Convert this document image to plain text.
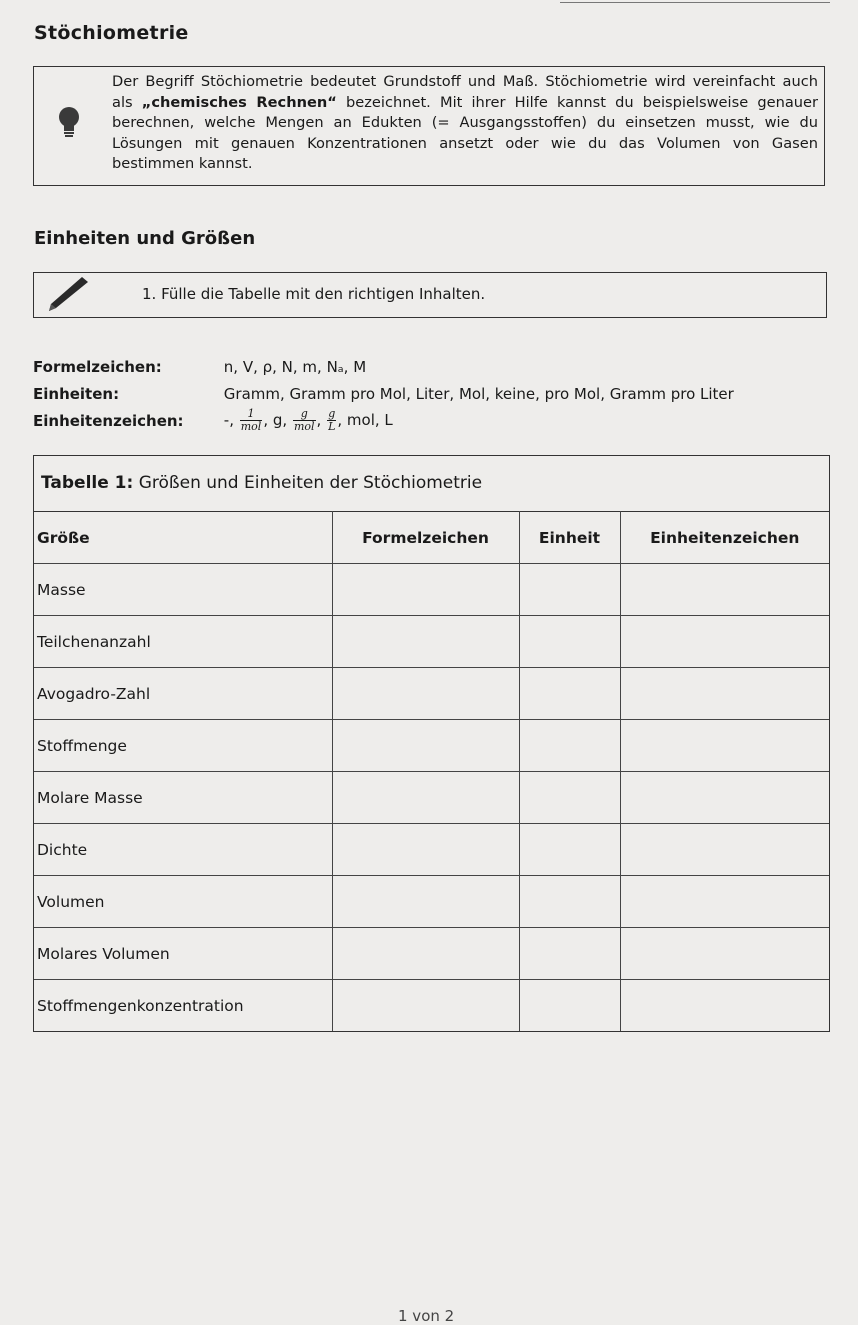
Stöchiometrie
Der Begriff Stöchiometrie bedeutet Grundstoff und Maß. Stöchiometrie wird vereinfacht auch als „chemisches Rechnen“ bezeichnet. Mit ihrer Hilfe kannst du beispielsweise genauer berechnen, welche Mengen an Edukten (= Ausgangsstoffen) du einsetzen musst, wie du Lösungen mit genauen Konzentrationen ansetzt oder wie du das Volumen von Gasen bestimmen kannst.
Einheiten und Größen
1. Fülle die Tabelle mit den richtigen Inhalten.
Formelzeichen:	n, V, ρ, N, m, Nₐ, M
Einheiten:	Gramm, Gramm pro Mol, Liter, Mol, keine, pro Mol, Gramm pro Liter
Einheitenzeichen:	-, $\frac{1}{\text{mol}}$ , g, $\frac{g}{\text{mol}}$ , $\frac{g}{L}$ , mol, L
Tabelle 1: Größen und Einheiten der Stöchiometrie
Größe	Formelzeichen	Einheit	Einheitenzeichen
Masse			
Teilchenanzahl			
Avogadro-Zahl			
Stoffmenge			
Molare Masse			
Dichte			
Volumen			
Molares Volumen			
Stoffmengenkonzentration			
1 von 2
